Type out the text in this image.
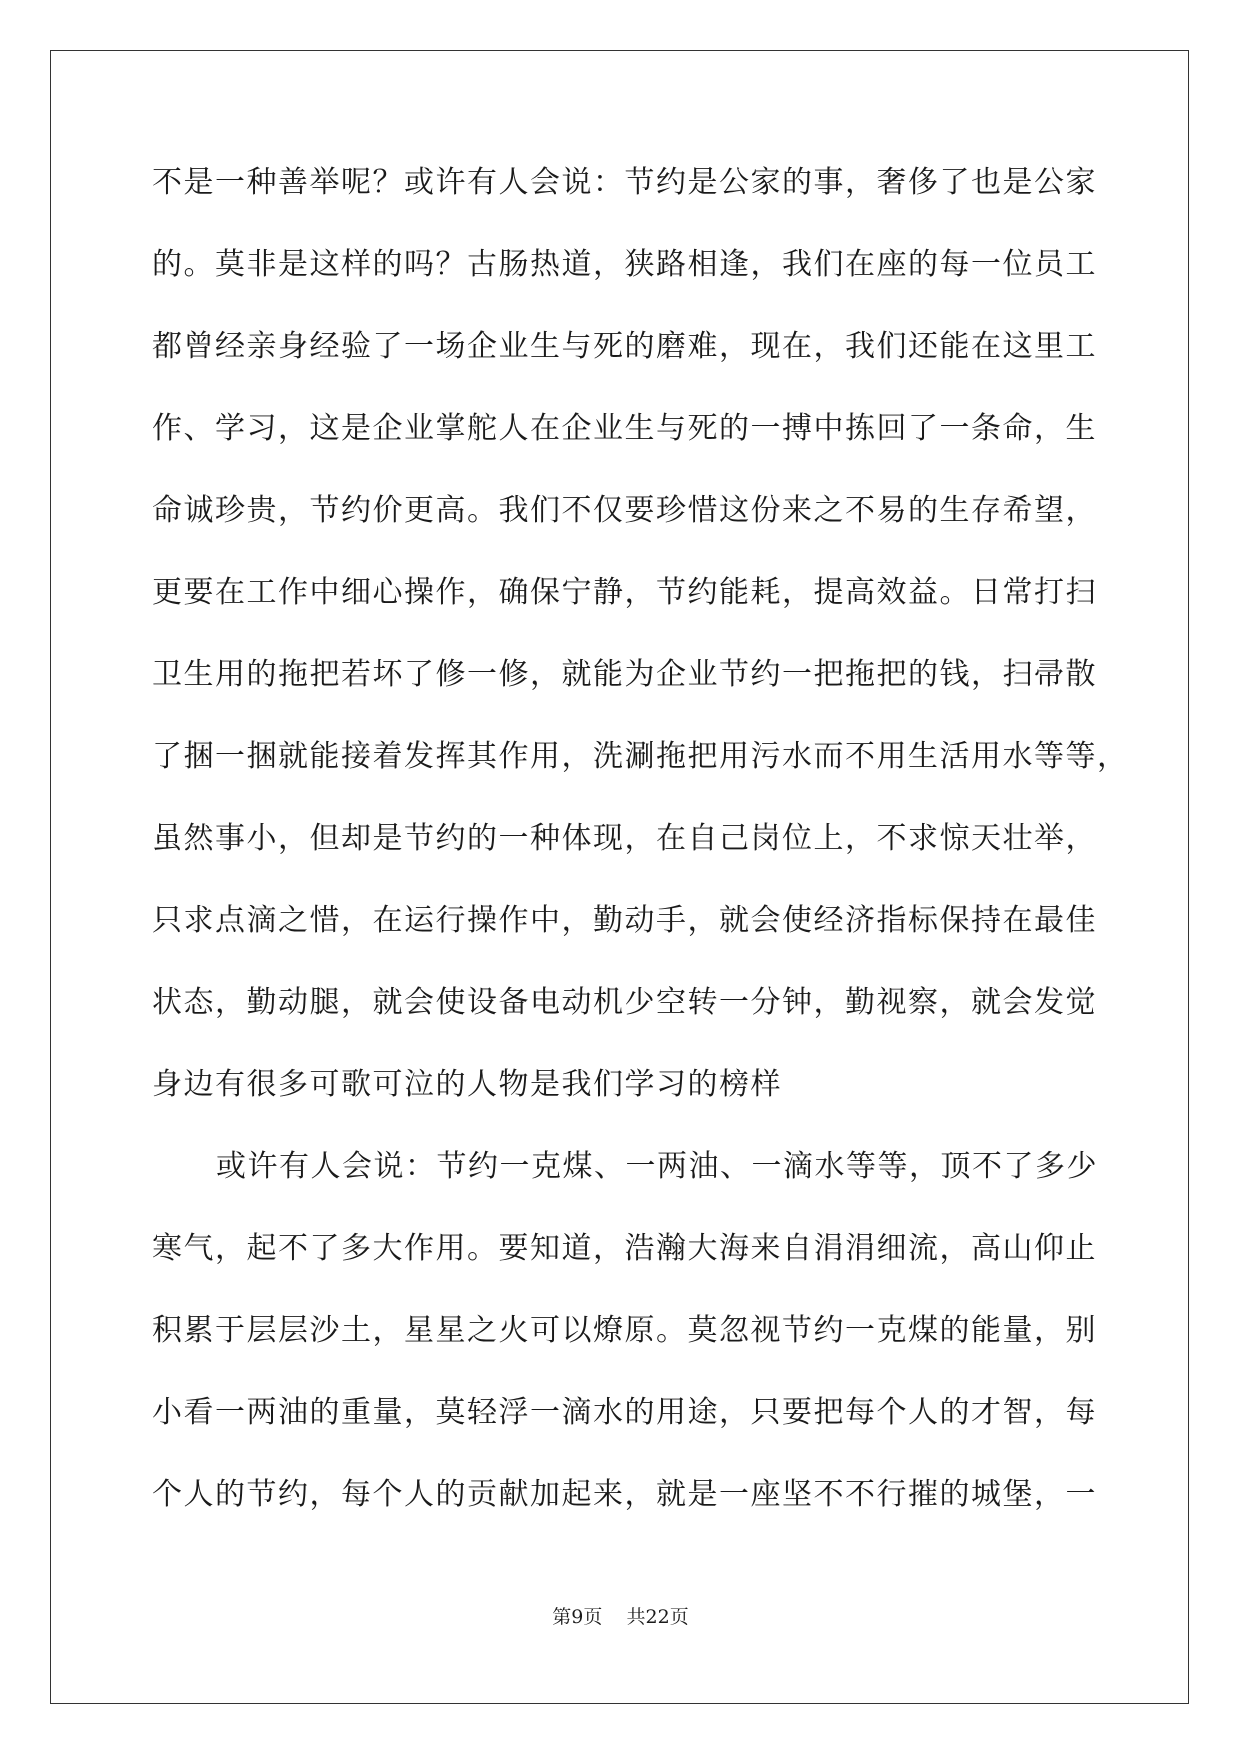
不是一种善举呢？或许有人会说：节约是公家的事，奢侈了也是公家
的。莫非是这样的吗？古肠热道，狭路相逢，我们在座的每一位员工
都曾经亲身经验了一场企业生与死的磨难，现在，我们还能在这里工
作、学习，这是企业掌舵人在企业生与死的一搏中拣回了一条命，生
命诚珍贵，节约价更高。我们不仅要珍惜这份来之不易的生存希望，
更要在工作中细心操作，确保宁静，节约能耗，提高效益。日常打扫
卫生用的拖把若坏了修一修，就能为企业节约一把拖把的钱，扫帚散
了捆一捆就能接着发挥其作用，洗涮拖把用污水而不用生活用水等等，
虽然事小，但却是节约的一种体现，在自己岗位上，不求惊天壮举，
只求点滴之惜，在运行操作中，勤动手，就会使经济指标保持在最佳
状态，勤动腿，就会使设备电动机少空转一分钟，勤视察，就会发觉
身边有很多可歌可泣的人物是我们学习的榜样
或许有人会说：节约一克煤、一两油、一滴水等等，顶不了多少
寒气，起不了多大作用。要知道，浩瀚大海来自涓涓细流，高山仰止
积累于层层沙土，星星之火可以燎原。莫忽视节约一克煤的能量，别
小看一两油的重量，莫轻浮一滴水的用途，只要把每个人的才智，每
个人的节约，每个人的贡献加起来，就是一座坚不不行摧的城堡，一
第9页 共22页
